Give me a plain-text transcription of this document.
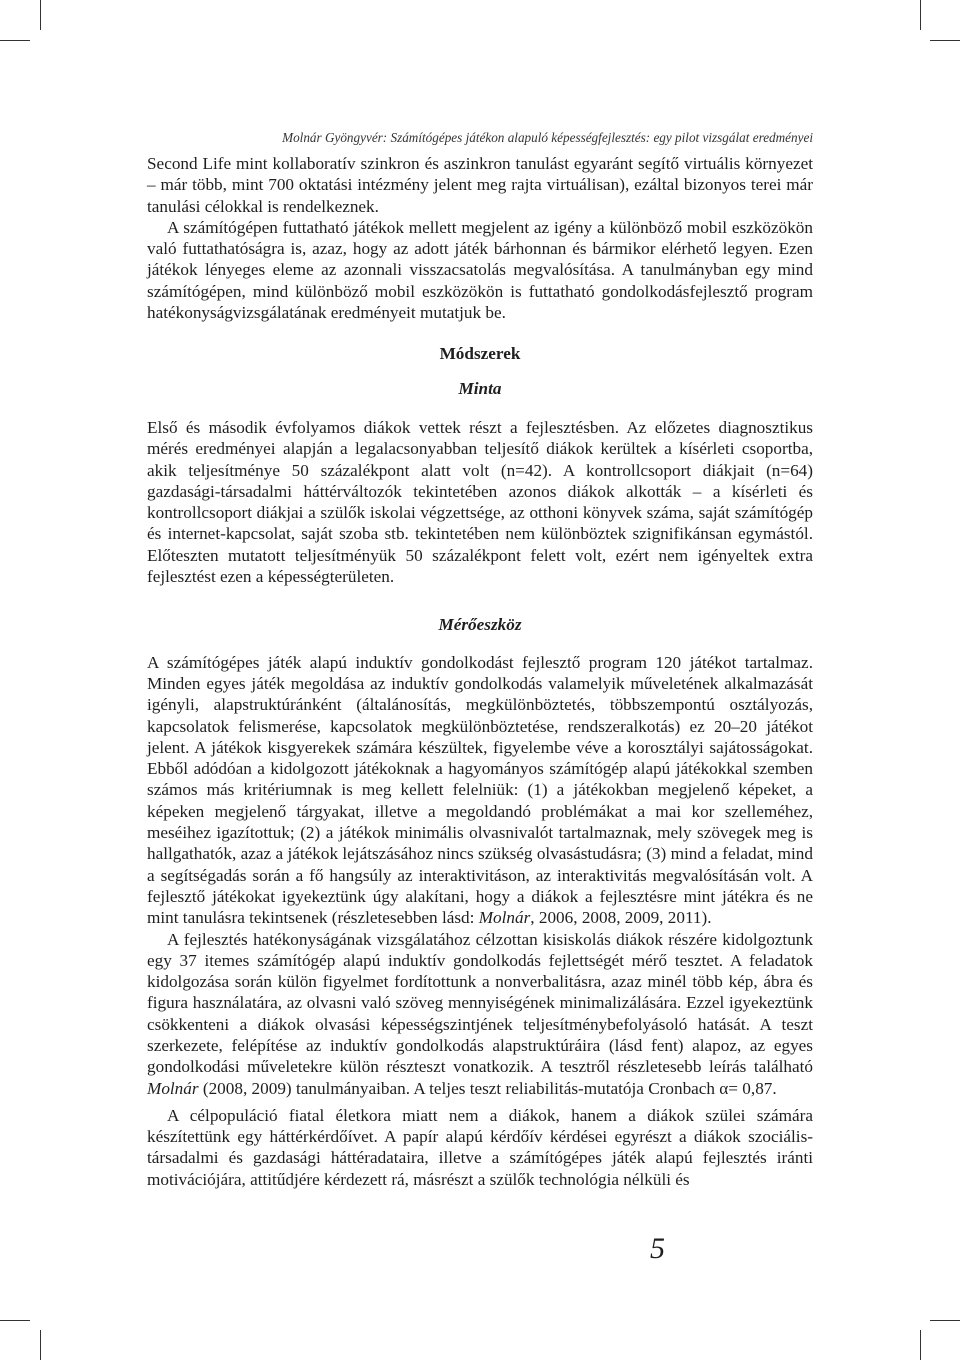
Molnár Gyöngyvér: Számítógépes játékon alapuló képességfejlesztés: egy pilot vizsgálat eredményei

Second Life mint kollaboratív szinkron és aszinkron tanulást egyaránt segítő virtuális környezet – már több, mint 700 oktatási intézmény jelent meg rajta virtuálisan), ezáltal bizonyos terei már tanulási célokkal is rendelkeznek.

A számítógépen futtatható játékok mellett megjelent az igény a különböző mobil eszközökön való futtathatóságra is, azaz, hogy az adott játék bárhonnan és bármikor elérhető legyen. Ezen játékok lényeges eleme az azonnali visszacsatolás megvalósítása. A tanulmányban egy mind számítógépen, mind különböző mobil eszközökön is futtatható gondolkodásfejlesztő program hatékonyságvizsgálatának eredményeit mutatjuk be.

Módszerek
Minta

Első és második évfolyamos diákok vettek részt a fejlesztésben. Az előzetes diagnosztikus mérés eredményei alapján a legalacsonyabban teljesítő diákok kerültek a kísérleti csoportba, akik teljesítménye 50 százalékpont alatt volt (n=42). A kontrollcsoport diákjait (n=64) gazdasági-társadalmi háttérváltozók tekintetében azonos diákok alkották – a kísérleti és kontrollcsoport diákjai a szülők iskolai végzettsége, az otthoni könyvek száma, saját számítógép és internet-kapcsolat, saját szoba stb. tekintetében nem különböztek szignifikánsan egymástól. Előteszten mutatott teljesítményük 50 százalékpont felett volt, ezért nem igényeltek extra fejlesztést ezen a képességterületen.

Mérőeszköz

A számítógépes játék alapú induktív gondolkodást fejlesztő program 120 játékot tartalmaz. Minden egyes játék megoldása az induktív gondolkodás valamelyik műveletének alkalmazását igényli, alapstruktúránként (általánosítás, megkülönböztetés, többszempontú osztályozás, kapcsolatok felismerése, kapcsolatok megkülönböztetése, rendszeralkotás) ez 20–20 játékot jelent. A játékok kisgyerekek számára készültek, figyelembe véve a korosztályi sajátosságokat. Ebből adódóan a kidolgozott játékoknak a hagyományos számítógép alapú játékokkal szemben számos más kritériumnak is meg kellett felelniük: (1) a játékokban megjelenő képeket, a képeken megjelenő tárgyakat, illetve a megoldandó problémákat a mai kor szelleméhez, meséihez igazítottuk; (2) a játékok minimális olvasnivalót tartalmaznak, mely szövegek meg is hallgathatók, azaz a játékok lejátszásához nincs szükség olvasástudásra; (3) mind a feladat, mind a segítségadás során a fő hangsúly az interaktivitáson, az interaktivitás megvalósításán volt. A fejlesztő játékokat igyekeztünk úgy alakítani, hogy a diákok a fejlesztésre mint játékra és ne mint tanulásra tekintsenek (részletesebben lásd: Molnár, 2006, 2008, 2009, 2011).

A fejlesztés hatékonyságának vizsgálatához célzottan kisiskolás diákok részére kidolgoztunk egy 37 itemes számítógép alapú induktív gondolkodás fejlettségét mérő tesztet. A feladatok kidolgozása során külön figyelmet fordítottunk a nonverbalitásra, azaz minél több kép, ábra és figura használatára, az olvasni való szöveg mennyiségének minimalizálására. Ezzel igyekeztünk csökkenteni a diákok olvasási képességszintjének teljesítménybefolyásoló hatását. A teszt szerkezete, felépítése az induktív gondolkodás alapstruktúráira (lásd fent) alapoz, az egyes gondolkodási műveletekre külön részteszt vonatkozik. A tesztről részletesebb leírás található Molnár (2008, 2009) tanulmányaiban. A teljes teszt reliabilitás-mutatója Cronbach α= 0,87.

A célpopuláció fiatal életkora miatt nem a diákok, hanem a diákok szülei számára készítettünk egy háttérkérdőívet. A papír alapú kérdőív kérdései egyrészt a diákok szociális-társadalmi és gazdasági háttéradataira, illetve a számítógépes játék alapú fejlesztés iránti motivációjára, attitűdjére kérdezett rá, másrészt a szülők technológia nélküli és

5
